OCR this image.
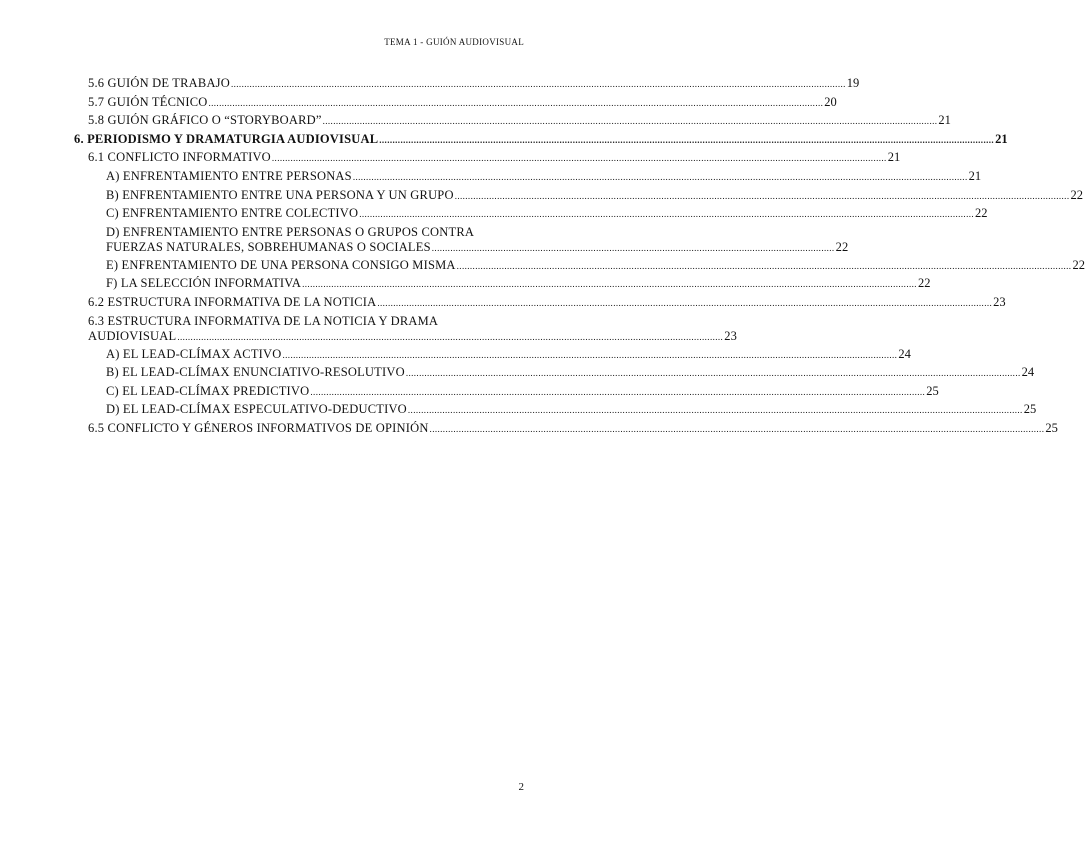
TEMA 1 - GUIÓN AUDIOVISUAL
5.6 GUIÓN DE TRABAJO .....	19
5.7 GUIÓN TÉCNICO .....	20
5.8 GUIÓN GRÁFICO O “STORYBOARD” .....	21
6. PERIODISMO Y DRAMATURGIA AUDIOVISUAL .....	21
6.1 CONFLICTO INFORMATIVO .....	21
A) ENFRENTAMIENTO ENTRE PERSONAS .....	21
B) ENFRENTAMIENTO ENTRE UNA PERSONA Y UN GRUPO .....	22
C) ENFRENTAMIENTO ENTRE COLECTIVO .....	22
D) ENFRENTAMIENTO ENTRE PERSONAS O GRUPOS CONTRA
FUERZAS NATURALES, SOBREHUMANAS O SOCIALES ........................................................................................................................................................ 22
E) ENFRENTAMIENTO DE UNA PERSONA CONSIGO MISMA .....	22
F) LA SELECCIÓN INFORMATIVA .....	22
6.2 ESTRUCTURA INFORMATIVA DE LA NOTICIA .....	23
6.3 ESTRUCTURA INFORMATIVA DE LA NOTICIA Y DRAMA
AUDIOVISUAL .............................................................................................................................................................................................................. 23
A) EL LEAD-CLÍMAX ACTIVO .....	24
B) EL LEAD-CLÍMAX ENUNCIATIVO-RESOLUTIVO .....	24
C) EL LEAD-CLÍMAX PREDICTIVO .....	25
D) EL LEAD-CLÍMAX ESPECULATIVO-DEDUCTIVO .....	25
6.5 CONFLICTO Y GÉNEROS INFORMATIVOS DE OPINIÓN .....	25
2
